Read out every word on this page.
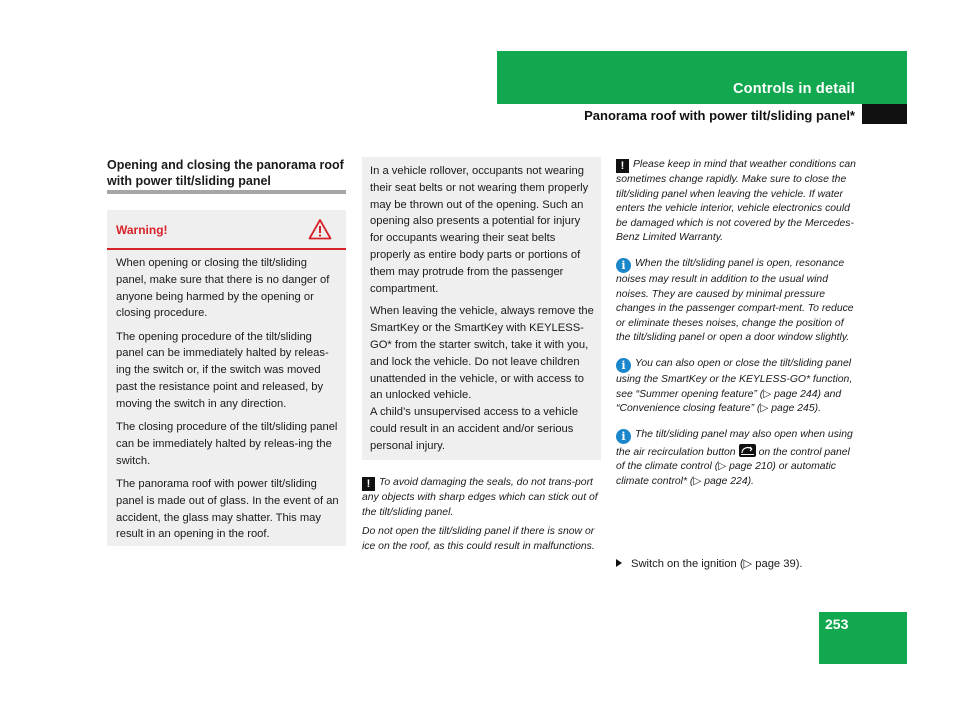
Controls in detail
Panorama roof with power tilt/sliding panel*
Opening and closing the panorama roof with power tilt/sliding panel
Warning!

When opening or closing the tilt/sliding panel, make sure that there is no danger of anyone being harmed by the opening or closing procedure.

The opening procedure of the tilt/sliding panel can be immediately halted by releas-ing the switch or, if the switch was moved past the resistance point and released, by moving the switch in any direction.

The closing procedure of the tilt/sliding panel can be immediately halted by releas-ing the switch.

The panorama roof with power tilt/sliding panel is made out of glass. In the event of an accident, the glass may shatter. This may result in an opening in the roof.

In a vehicle rollover, occupants not wearing their seat belts or not wearing them properly may be thrown out of the opening. Such an opening also presents a potential for injury for occupants wearing their seat belts properly as entire body parts or portions of them may protrude from the passenger compartment.

When leaving the vehicle, always remove the SmartKey or the SmartKey with KEYLESS-GO* from the starter switch, take it with you, and lock the vehicle. Do not leave children unattended in the vehicle, or with access to an unlocked vehicle.

A child’s unsupervised access to a vehicle could result in an accident and/or serious personal injury.

! To avoid damaging the seals, do not trans-port any objects with sharp edges which can stick out of the tilt/sliding panel.

Do not open the tilt/sliding panel if there is snow or ice on the roof, as this could result in malfunctions.

! Please keep in mind that weather conditions can sometimes change rapidly. Make sure to close the tilt/sliding panel when leaving the vehicle. If water enters the vehicle interior, vehicle electronics could be damaged which is not covered by the Mercedes-Benz Limited Warranty.
i When the tilt/sliding panel is open, resonance noises may result in addition to the usual wind noises. They are caused by minimal pressure changes in the passenger compart-ment. To reduce or eliminate theses noises, change the position of the tilt/sliding panel or open a door window slightly.
i You can also open or close the tilt/sliding panel using the SmartKey or the KEYLESS-GO* function, see “Summer opening feature” (▷ page 244) and “Convenience closing feature” (▷ page 245).
i The tilt/sliding panel may also open when using the air recirculation button on the control panel of the climate control (▷ page 210) or automatic climate control* (▷ page 224).
Switch on the ignition (▷ page 39).
253
